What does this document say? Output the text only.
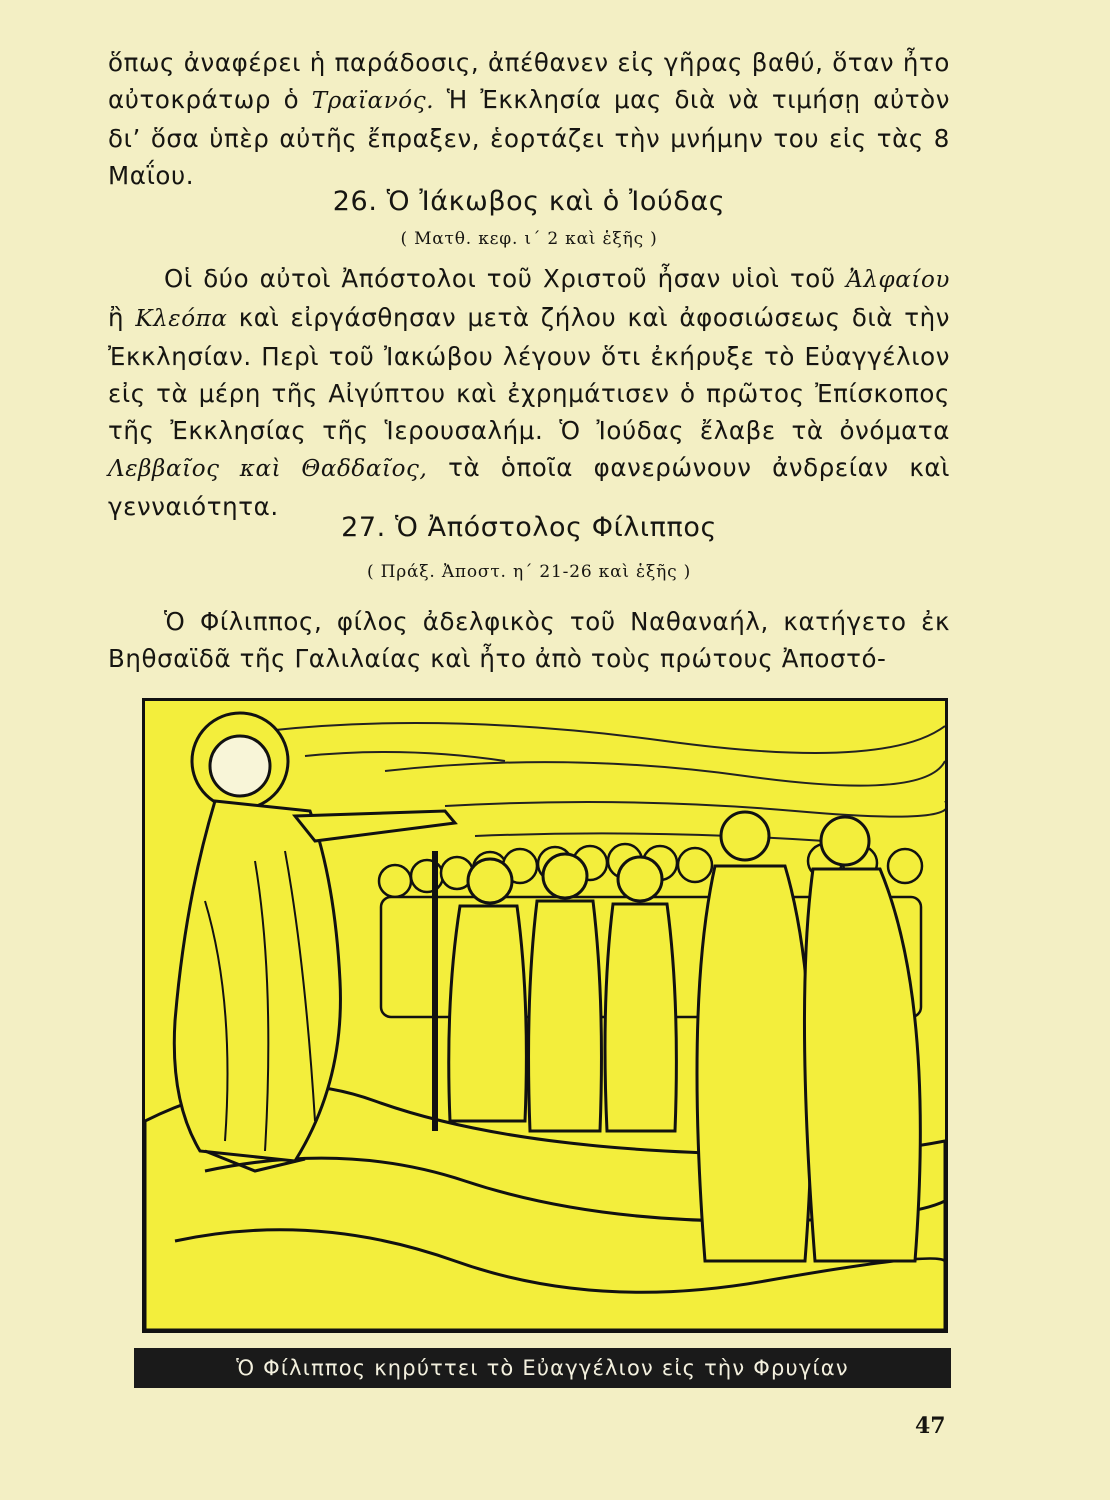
ὅπως ἀναφέρει ἡ παράδοσις, ἀπέθανεν εἰς γῆρας βαθύ, ὅταν ἦτο αὐτοκράτωρ ὁ Τραϊανός. Ἡ Ἐκκλησία μας διὰ νὰ τιμήσῃ αὐτὸν δι’ ὅσα ὑπὲρ αὐτῆς ἔπραξεν, ἑορτάζει τὴν μνήμην του εἰς τὰς 8 Μαΐου.

26. Ὁ Ἰάκωβος καὶ ὁ Ἰούδας
( Ματθ. κεφ. ι΄ 2 καὶ ἑξῆς )

Οἱ δύο αὐτοὶ Ἀπόστολοι τοῦ Χριστοῦ ἦσαν υἱοὶ τοῦ Ἀλφαίου ἢ Κλεόπα καὶ εἰργάσθησαν μετὰ ζήλου καὶ ἀφοσιώσεως διὰ τὴν Ἐκκλησίαν. Περὶ τοῦ Ἰακώβου λέγουν ὅτι ἐκήρυξε τὸ Εὐαγγέλιον εἰς τὰ μέρη τῆς Αἰγύπτου καὶ ἐχρημάτισεν ὁ πρῶτος Ἐπίσκοπος τῆς Ἐκκλησίας τῆς Ἱερουσαλήμ. Ὁ Ἰούδας ἔλαβε τὰ ὀνόματα Λεββαῖος καὶ Θαδδαῖος, τὰ ὁποῖα φανερώνουν ἀνδρείαν καὶ γενναιότητα.

27. Ὁ Ἀπόστολος Φίλιππος
( Πράξ. Ἀποστ. η΄ 21-26 καὶ ἑξῆς )

Ὁ Φίλιππος, φίλος ἀδελφικὸς τοῦ Ναθαναήλ, κατήγετο ἐκ Βηθσαϊδᾶ τῆς Γαλιλαίας καὶ ἦτο ἀπὸ τοὺς πρώτους Ἀποστό-

Ὁ Φίλιππος κηρύττει τὸ Εὐαγγέλιον εἰς τὴν Φρυγίαν
47
